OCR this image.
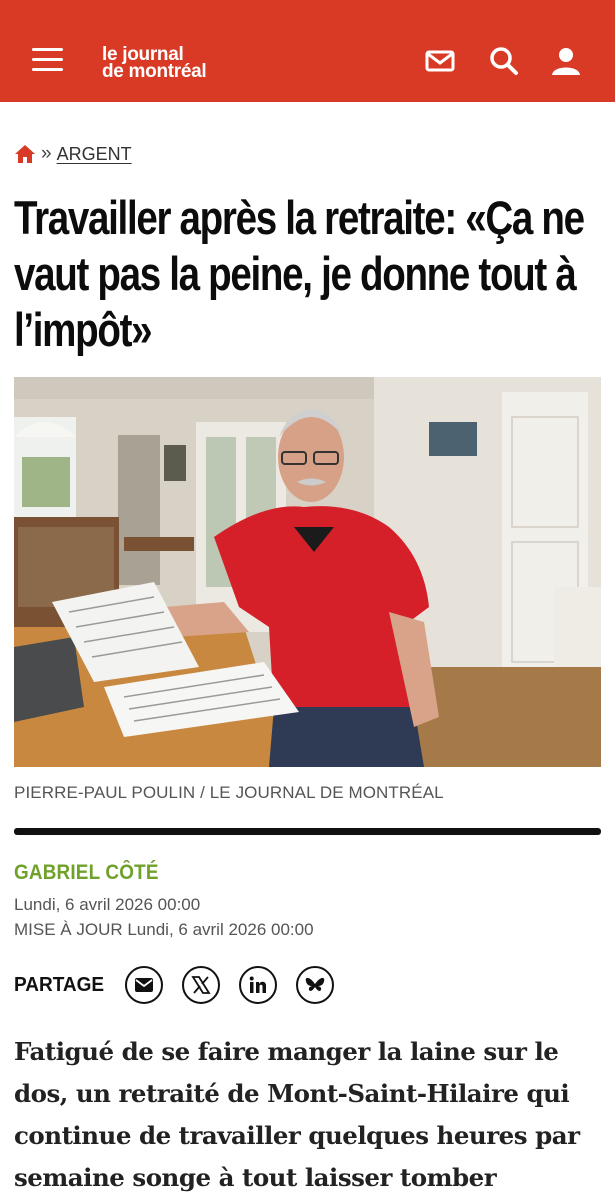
le journal
de montréal
» ARGENT
Travailler après la retraite: «Ça ne vaut pas la peine, je donne tout à l’impôt»
PIERRE-PAUL POULIN / LE JOURNAL DE MONTRÉAL
GABRIEL CÔTÉ
Lundi, 6 avril 2026 00:00
MISE À JOUR Lundi, 6 avril 2026 00:00
PARTAGE

Fatigué de se faire manger la laine sur le dos, un retraité de Mont-Saint-Hilaire qui continue de travailler quelques heures par semaine songe à tout laisser tomber
